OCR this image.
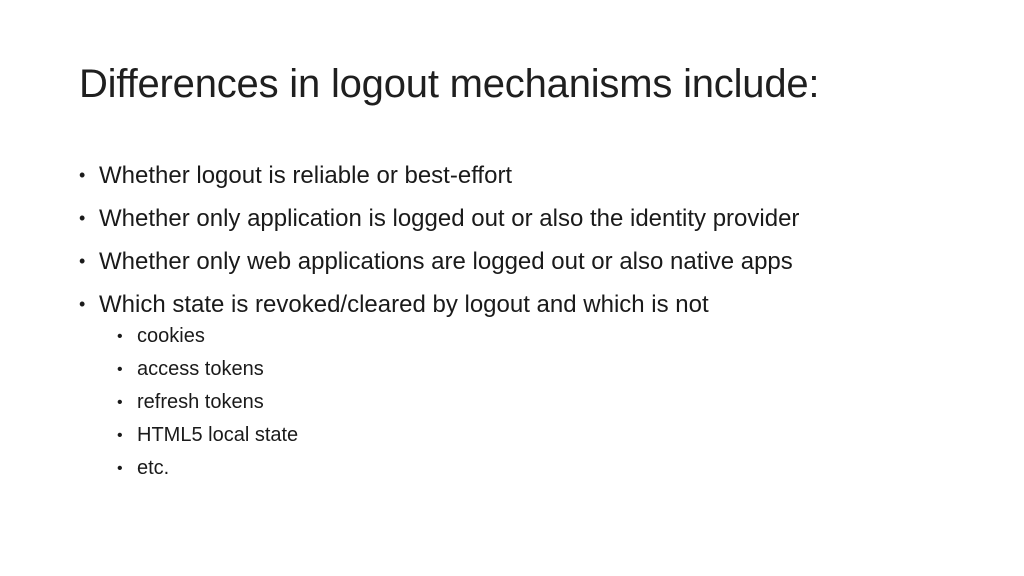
Differences in logout mechanisms include:
• Whether logout is reliable or best-effort
• Whether only application is logged out or also the identity provider
• Whether only web applications are logged out or also native apps
• Which state is revoked/cleared by logout and which is not
• cookies
• access tokens
• refresh tokens
• HTML5 local state
• etc.
